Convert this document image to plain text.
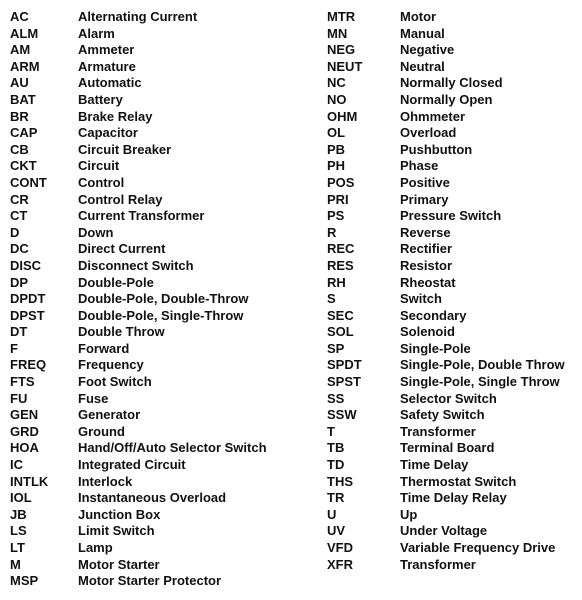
AC	Alternating Current
ALM	Alarm
AM	Ammeter
ARM	Armature
AU	Automatic
BAT	Battery
BR	Brake Relay
CAP	Capacitor
CB	Circuit Breaker
CKT	Circuit
CONT	Control
CR	Control Relay
CT	Current Transformer
D	Down
DC	Direct Current
DISC	Disconnect Switch
DP	Double-Pole
DPDT	Double-Pole, Double-Throw
DPST	Double-Pole, Single-Throw
DT	Double Throw
F	Forward
FREQ	Frequency
FTS	Foot Switch
FU	Fuse
GEN	Generator
GRD	Ground
HOA	Hand/Off/Auto Selector Switch
IC	Integrated Circuit
INTLK	Interlock
IOL	Instantaneous Overload
JB	Junction Box
LS	Limit Switch
LT	Lamp
M	Motor Starter
MSP	Motor Starter Protector
MTR	Motor
MN	Manual
NEG	Negative
NEUT	Neutral
NC	Normally Closed
NO	Normally Open
OHM	Ohmmeter
OL	Overload
PB	Pushbutton
PH	Phase
POS	Positive
PRI	Primary
PS	Pressure Switch
R	Reverse
REC	Rectifier
RES	Resistor
RH	Rheostat
S	Switch
SEC	Secondary
SOL	Solenoid
SP	Single-Pole
SPDT	Single-Pole, Double Throw
SPST	Single-Pole, Single Throw
SS	Selector Switch
SSW	Safety Switch
T	Transformer
TB	Terminal Board
TD	Time Delay
THS	Thermostat Switch
TR	Time Delay Relay
U	Up
UV	Under Voltage
VFD	Variable Frequency Drive
XFR	Transformer
